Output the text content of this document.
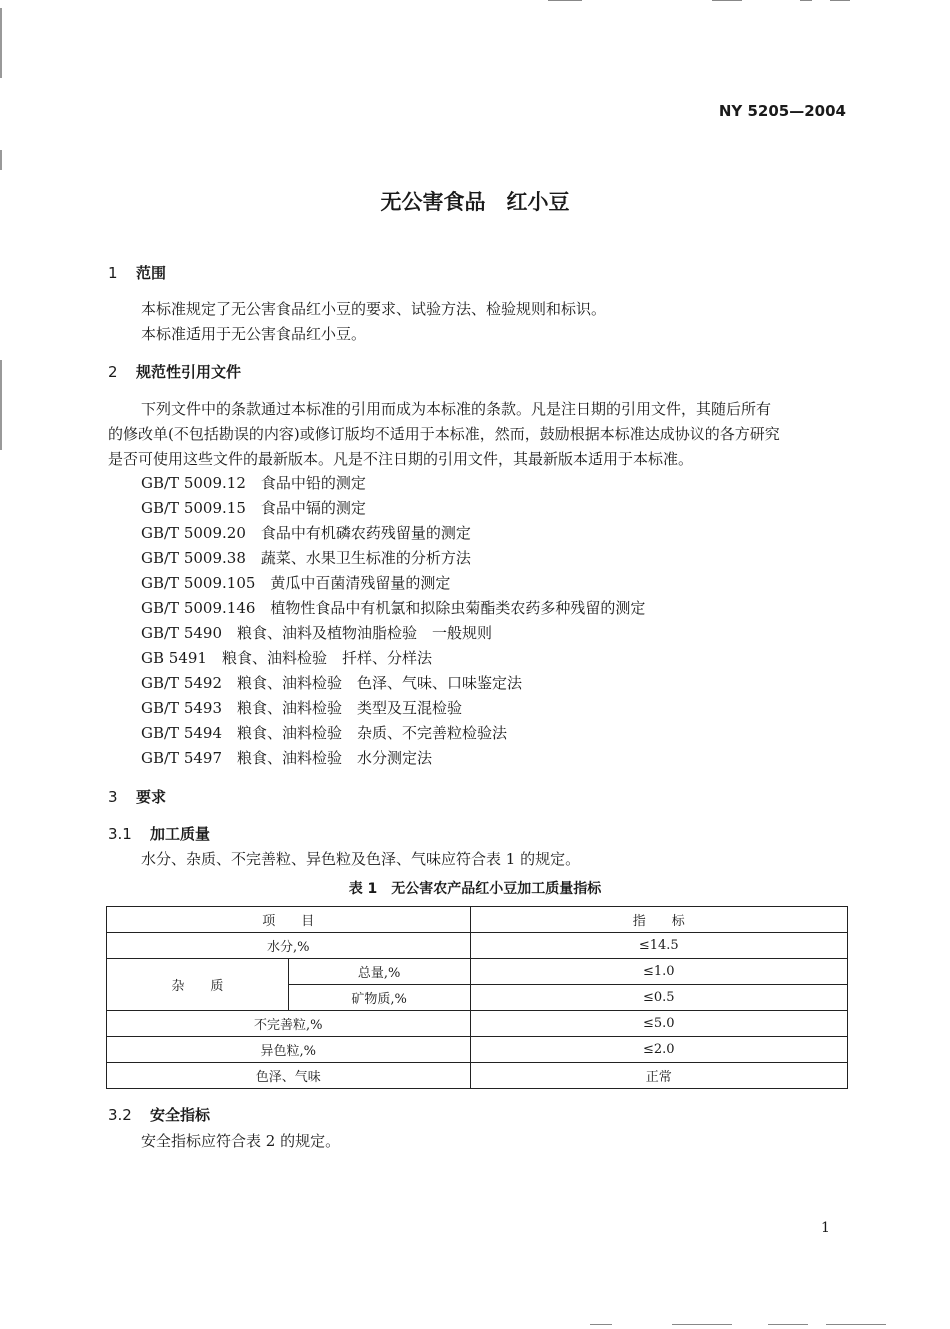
NY 5205—2004
无公害食品　红小豆
1 范围
本标准规定了无公害食品红小豆的要求、试验方法、检验规则和标识。
本标准适用于无公害食品红小豆。
2 规范性引用文件
下列文件中的条款通过本标准的引用而成为本标准的条款。凡是注日期的引用文件，其随后所有
的修改单(不包括勘误的内容)或修订版均不适用于本标准，然而，鼓励根据本标准达成协议的各方研究
是否可使用这些文件的最新版本。凡是不注日期的引用文件，其最新版本适用于本标准。
GB/T 5009.12　食品中铅的测定
GB/T 5009.15　食品中镉的测定
GB/T 5009.20　食品中有机磷农药残留量的测定
GB/T 5009.38　蔬菜、水果卫生标准的分析方法
GB/T 5009.105　黄瓜中百菌清残留量的测定
GB/T 5009.146　植物性食品中有机氯和拟除虫菊酯类农药多种残留的测定
GB/T 5490　粮食、油料及植物油脂检验　一般规则
GB 5491　粮食、油料检验　扦样、分样法
GB/T 5492　粮食、油料检验　色泽、气味、口味鉴定法
GB/T 5493　粮食、油料检验　类型及互混检验
GB/T 5494　粮食、油料检验　杂质、不完善粒检验法
GB/T 5497　粮食、油料检验　水分测定法
3 要求
3.1 加工质量
水分、杂质、不完善粒、异色粒及色泽、气味应符合表 1 的规定。
表 1　无公害农产品红小豆加工质量指标
项　　目		指　　标
水分,%		≤14.5
杂　　质	总量,%	≤1.0
	矿物质,%	≤0.5
不完善粒,%		≤5.0
异色粒,%		≤2.0
色泽、气味		正常
3.2 安全指标
安全指标应符合表 2 的规定。
1
